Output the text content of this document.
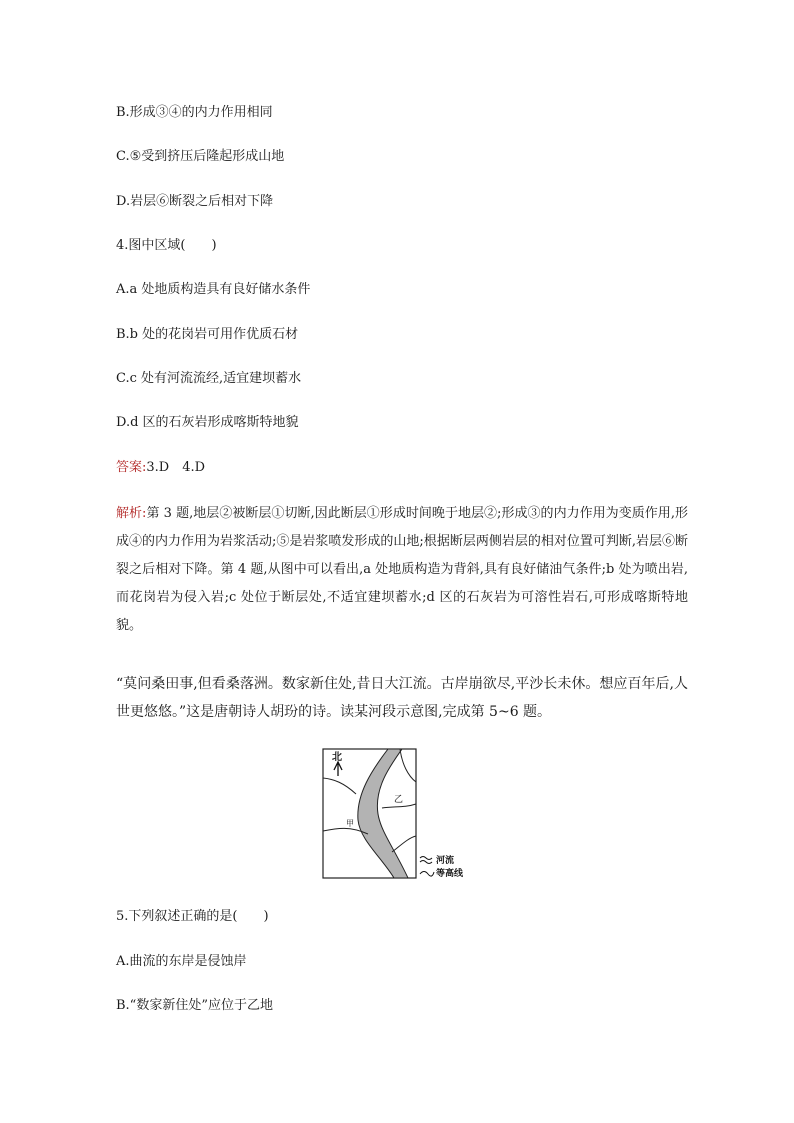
B.形成③④的内力作用相同
C.⑤受到挤压后隆起形成山地
D.岩层⑥断裂之后相对下降
4.图中区域(　　)
A.a 处地质构造具有良好储水条件
B.b 处的花岗岩可用作优质石材
C.c 处有河流流经,适宜建坝蓄水
D.d 区的石灰岩形成喀斯特地貌
答案:3.D　4.D
解析:第 3 题,地层②被断层①切断,因此断层①形成时间晚于地层②;形成③的内力作用为变质作用,形成④的内力作用为岩浆活动;⑤是岩浆喷发形成的山地;根据断层两侧岩层的相对位置可判断,岩层⑥断裂之后相对下降。第 4 题,从图中可以看出,a 处地质构造为背斜,具有良好储油气条件;b 处为喷出岩,而花岗岩为侵入岩;c 处位于断层处,不适宜建坝蓄水;d 区的石灰岩为可溶性岩石,可形成喀斯特地貌。
“莫问桑田事,但看桑落洲。数家新住处,昔日大江流。古岸崩欲尽,平沙长未休。想应百年后,人世更悠悠。”这是唐朝诗人胡玢的诗。读某河段示意图,完成第 5~6 题。
北
甲
乙
河流
等高线
5.下列叙述正确的是(　　)
A.曲流的东岸是侵蚀岸
B.“数家新住处”应位于乙地
